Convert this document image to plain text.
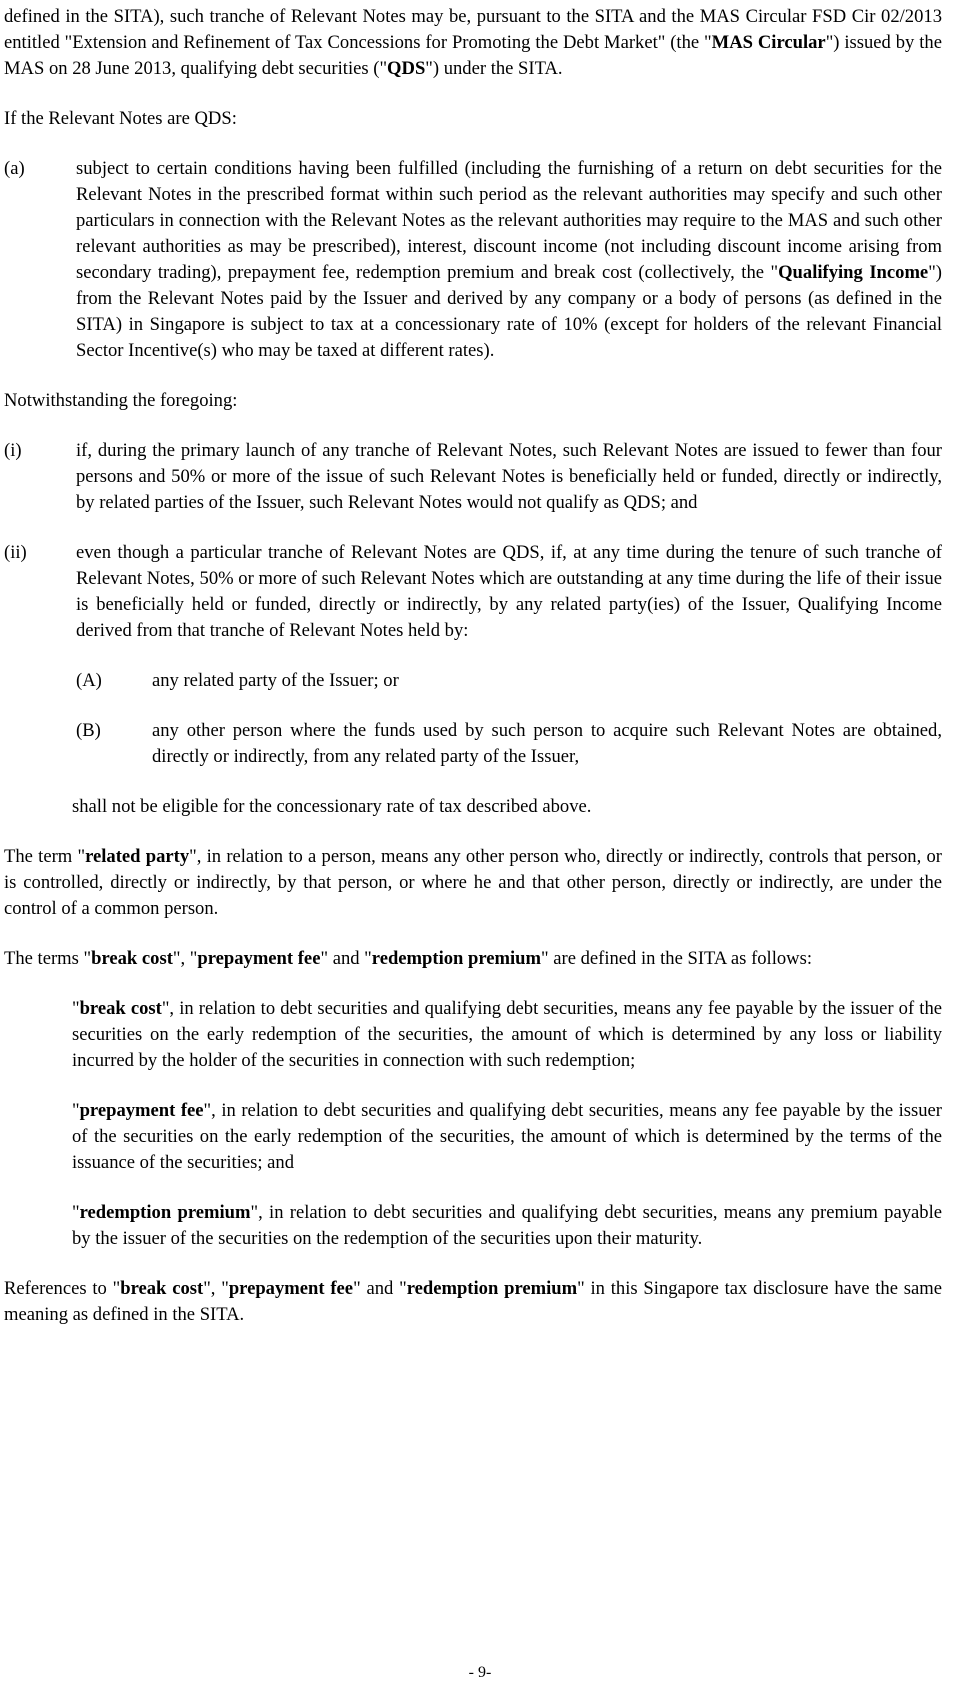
defined in the SITA), such tranche of Relevant Notes may be, pursuant to the SITA and the MAS Circular FSD Cir 02/2013 entitled "Extension and Refinement of Tax Concessions for Promoting the Debt Market" (the "MAS Circular") issued by the MAS on 28 June 2013, qualifying debt securities ("QDS") under the SITA.

If the Relevant Notes are QDS:

(a)	subject to certain conditions having been fulfilled (including the furnishing of a return on debt securities for the Relevant Notes in the prescribed format within such period as the relevant authorities may specify and such other particulars in connection with the Relevant Notes as the relevant authorities may require to the MAS and such other relevant authorities as may be prescribed), interest, discount income (not including discount income arising from secondary trading), prepayment fee, redemption premium and break cost (collectively, the "Qualifying Income") from the Relevant Notes paid by the Issuer and derived by any company or a body of persons (as defined in the SITA) in Singapore is subject to tax at a concessionary rate of 10% (except for holders of the relevant Financial Sector Incentive(s) who may be taxed at different rates).

Notwithstanding the foregoing:

(i)	if, during the primary launch of any tranche of Relevant Notes, such Relevant Notes are issued to fewer than four persons and 50% or more of the issue of such Relevant Notes is beneficially held or funded, directly or indirectly, by related parties of the Issuer, such Relevant Notes would not qualify as QDS; and
(ii)	even though a particular tranche of Relevant Notes are QDS, if, at any time during the tenure of such tranche of Relevant Notes, 50% or more of such Relevant Notes which are outstanding at any time during the life of their issue is beneficially held or funded, directly or indirectly, by any related party(ies) of the Issuer, Qualifying Income derived from that tranche of Relevant Notes held by:
(A)	any related party of the Issuer; or
(B)	any other person where the funds used by such person to acquire such Relevant Notes are obtained, directly or indirectly, from any related party of the Issuer,

shall not be eligible for the concessionary rate of tax described above.

The term "related party", in relation to a person, means any other person who, directly or indirectly, controls that person, or is controlled, directly or indirectly, by that person, or where he and that other person, directly or indirectly, are under the control of a common person.

The terms "break cost", "prepayment fee" and "redemption premium" are defined in the SITA as follows:

"break cost", in relation to debt securities and qualifying debt securities, means any fee payable by the issuer of the securities on the early redemption of the securities, the amount of which is determined by any loss or liability incurred by the holder of the securities in connection with such redemption;

"prepayment fee", in relation to debt securities and qualifying debt securities, means any fee payable by the issuer of the securities on the early redemption of the securities, the amount of which is determined by the terms of the issuance of the securities; and

"redemption premium", in relation to debt securities and qualifying debt securities, means any premium payable by the issuer of the securities on the redemption of the securities upon their maturity.

References to "break cost", "prepayment fee" and "redemption premium" in this Singapore tax disclosure have the same meaning as defined in the SITA.

- 9-
